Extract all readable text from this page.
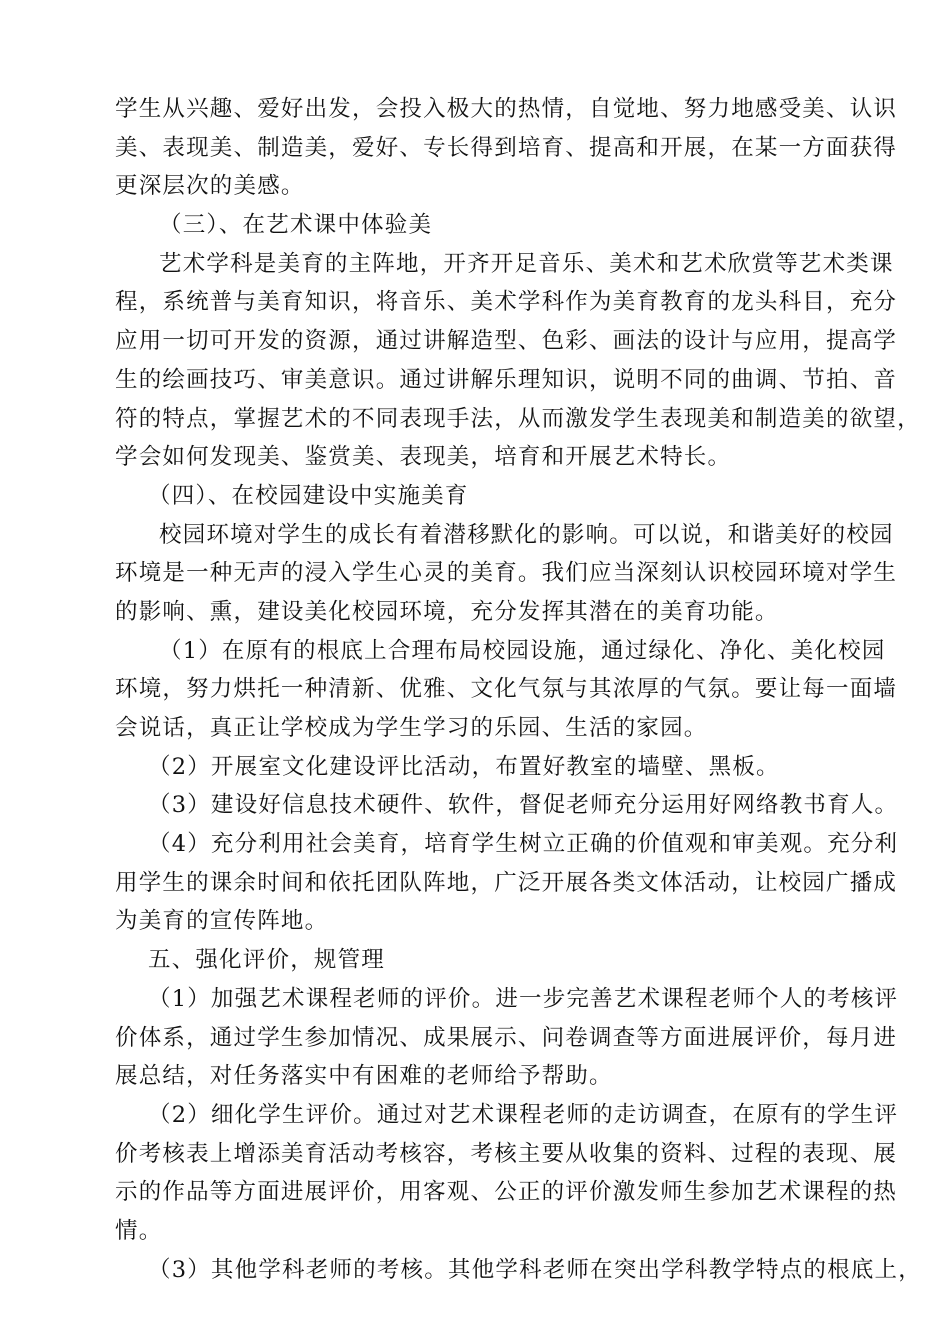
学生从兴趣、爱好出发，会投入极大的热情，自觉地、努力地感受美、认识
美、表现美、制造美，爱好、专长得到培育、提高和开展，在某一方面获得
更深层次的美感。
（三）、在艺术课中体验美
艺术学科是美育的主阵地，开齐开足音乐、美术和艺术欣赏等艺术类课
程，系统普与美育知识，将音乐、美术学科作为美育教育的龙头科目，充分
应用一切可开发的资源，通过讲解造型、色彩、画法的设计与应用，提高学
生的绘画技巧、审美意识。通过讲解乐理知识，说明不同的曲调、节拍、音
符的特点，掌握艺术的不同表现手法，从而激发学生表现美和制造美的欲望，
学会如何发现美、鉴赏美、表现美，培育和开展艺术特长。
（四）、在校园建设中实施美育
校园环境对学生的成长有着潜移默化的影响。可以说，和谐美好的校园
环境是一种无声的浸入学生心灵的美育。我们应当深刻认识校园环境对学生
的影响、熏，建设美化校园环境，充分发挥其潜在的美育功能。
（1）在原有的根底上合理布局校园设施，通过绿化、净化、美化校园
环境，努力烘托一种清新、优雅、文化气氛与其浓厚的气氛。要让每一面墙
会说话，真正让学校成为学生学习的乐园、生活的家园。
（2）开展室文化建设评比活动，布置好教室的墙壁、黑板。
（3）建设好信息技术硬件、软件，督促老师充分运用好网络教书育人。
（4）充分利用社会美育，培育学生树立正确的价值观和审美观。充分利
用学生的课余时间和依托团队阵地，广泛开展各类文体活动，让校园广播成
为美育的宣传阵地。
五、强化评价，规管理
（1）加强艺术课程老师的评价。进一步完善艺术课程老师个人的考核评
价体系，通过学生参加情况、成果展示、问卷调查等方面进展评价，每月进
展总结，对任务落实中有困难的老师给予帮助。
（2）细化学生评价。通过对艺术课程老师的走访调查，在原有的学生评
价考核表上增添美育活动考核容，考核主要从收集的资料、过程的表现、展
示的作品等方面进展评价，用客观、公正的评价激发师生参加艺术课程的热
情。
（3）其他学科老师的考核。其他学科老师在突出学科教学特点的根底上，
